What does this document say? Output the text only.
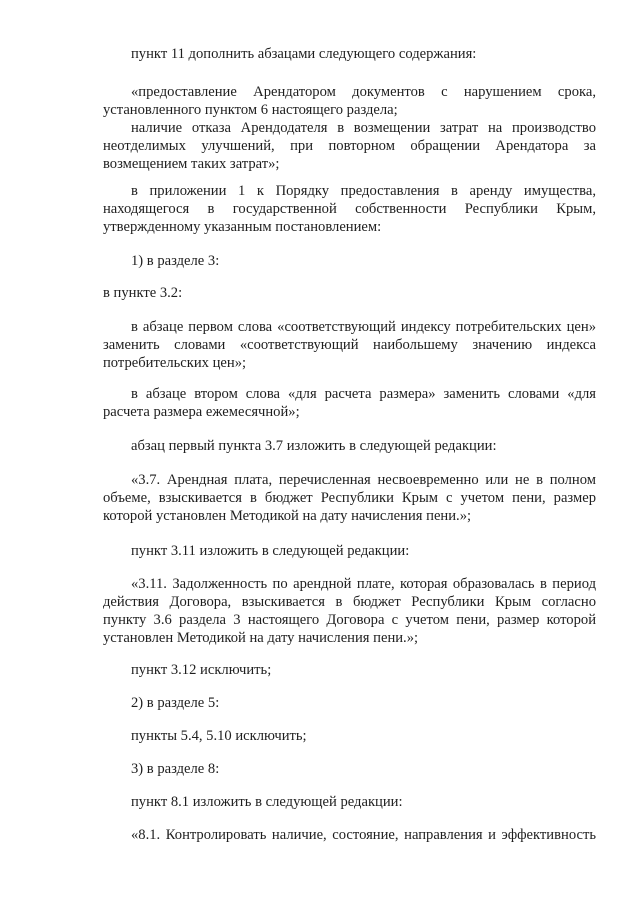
пункт 11 дополнить абзацами следующего содержания:

«предоставление Арендатором документов с нарушением срока,
установленного пунктом 6 настоящего раздела;

наличие отказа Арендодателя в возмещении затрат на производство
неотделимых улучшений, при повторном обращении Арендатора за
возмещением таких затрат»;

в приложении 1 к Порядку предоставления в аренду имущества,
находящегося в государственной собственности Республики Крым,
утвержденному указанным постановлением:

1) в разделе 3:

в пункте 3.2:

в абзаце первом слова «соответствующий индексу потребительских цен»
заменить словами «соответствующий наибольшему значению индекса
потребительских цен»;

в абзаце втором слова «для расчета размера» заменить словами «для
расчета размера ежемесячной»;

абзац первый пункта 3.7 изложить в следующей редакции:

«3.7. Арендная плата, перечисленная несвоевременно или не в полном
объеме, взыскивается в бюджет Республики Крым с учетом пени, размер
которой установлен Методикой на дату начисления пени.»;

пункт 3.11 изложить в следующей редакции:

«3.11. Задолженность по арендной плате, которая образовалась в период
действия Договора, взыскивается в бюджет Республики Крым согласно
пункту 3.6 раздела 3 настоящего Договора с учетом пени, размер которой
установлен Методикой на дату начисления пени.»;

пункт 3.12 исключить;

2) в разделе 5:

пункты 5.4, 5.10 исключить;

3) в разделе 8:

пункт 8.1 изложить в следующей редакции:

«8.1. Контролировать наличие, состояние, направления и эффективность
